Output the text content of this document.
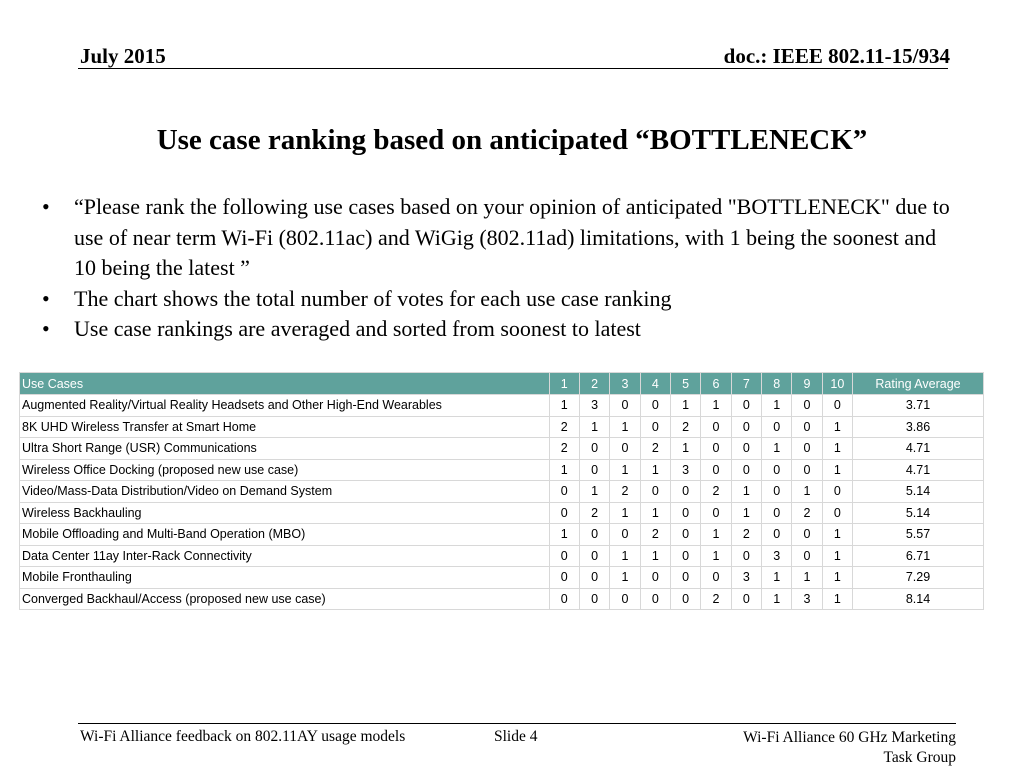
July 2015	doc.: IEEE 802.11-15/934
Use case ranking based on anticipated “BOTTLENECK”
• “Please rank the following use cases based on your opinion of anticipated "BOTTLENECK" due to use of near term Wi-Fi (802.11ac) and WiGig (802.11ad) limitations, with 1 being the soonest and 10 being the latest ”
• The chart shows the total number of votes for each use case ranking
• Use case rankings are averaged and sorted from soonest to latest
Use Cases	1	2	3	4	5	6	7	8	9	10	Rating Average
Augmented Reality/Virtual Reality Headsets and Other High-End Wearables	1	3	0	0	1	1	0	1	0	0	3.71
8K UHD Wireless Transfer at Smart Home	2	1	1	0	2	0	0	0	0	1	3.86
Ultra Short Range (USR) Communications	2	0	0	2	1	0	0	1	0	1	4.71
Wireless Office Docking (proposed new use case)	1	0	1	1	3	0	0	0	0	1	4.71
Video/Mass-Data Distribution/Video on Demand System	0	1	2	0	0	2	1	0	1	0	5.14
Wireless Backhauling	0	2	1	1	0	0	1	0	2	0	5.14
Mobile Offloading and Multi-Band Operation (MBO)	1	0	0	2	0	1	2	0	0	1	5.57
Data Center 11ay Inter-Rack Connectivity	0	0	1	1	0	1	0	3	0	1	6.71
Mobile Fronthauling	0	0	1	0	0	0	3	1	1	1	7.29
Converged Backhaul/Access (proposed new use case)	0	0	0	0	0	2	0	1	3	1	8.14
Wi-Fi Alliance feedback on 802.11AY usage models	Slide 4	Wi-Fi Alliance 60 GHz Marketing
Task Group
